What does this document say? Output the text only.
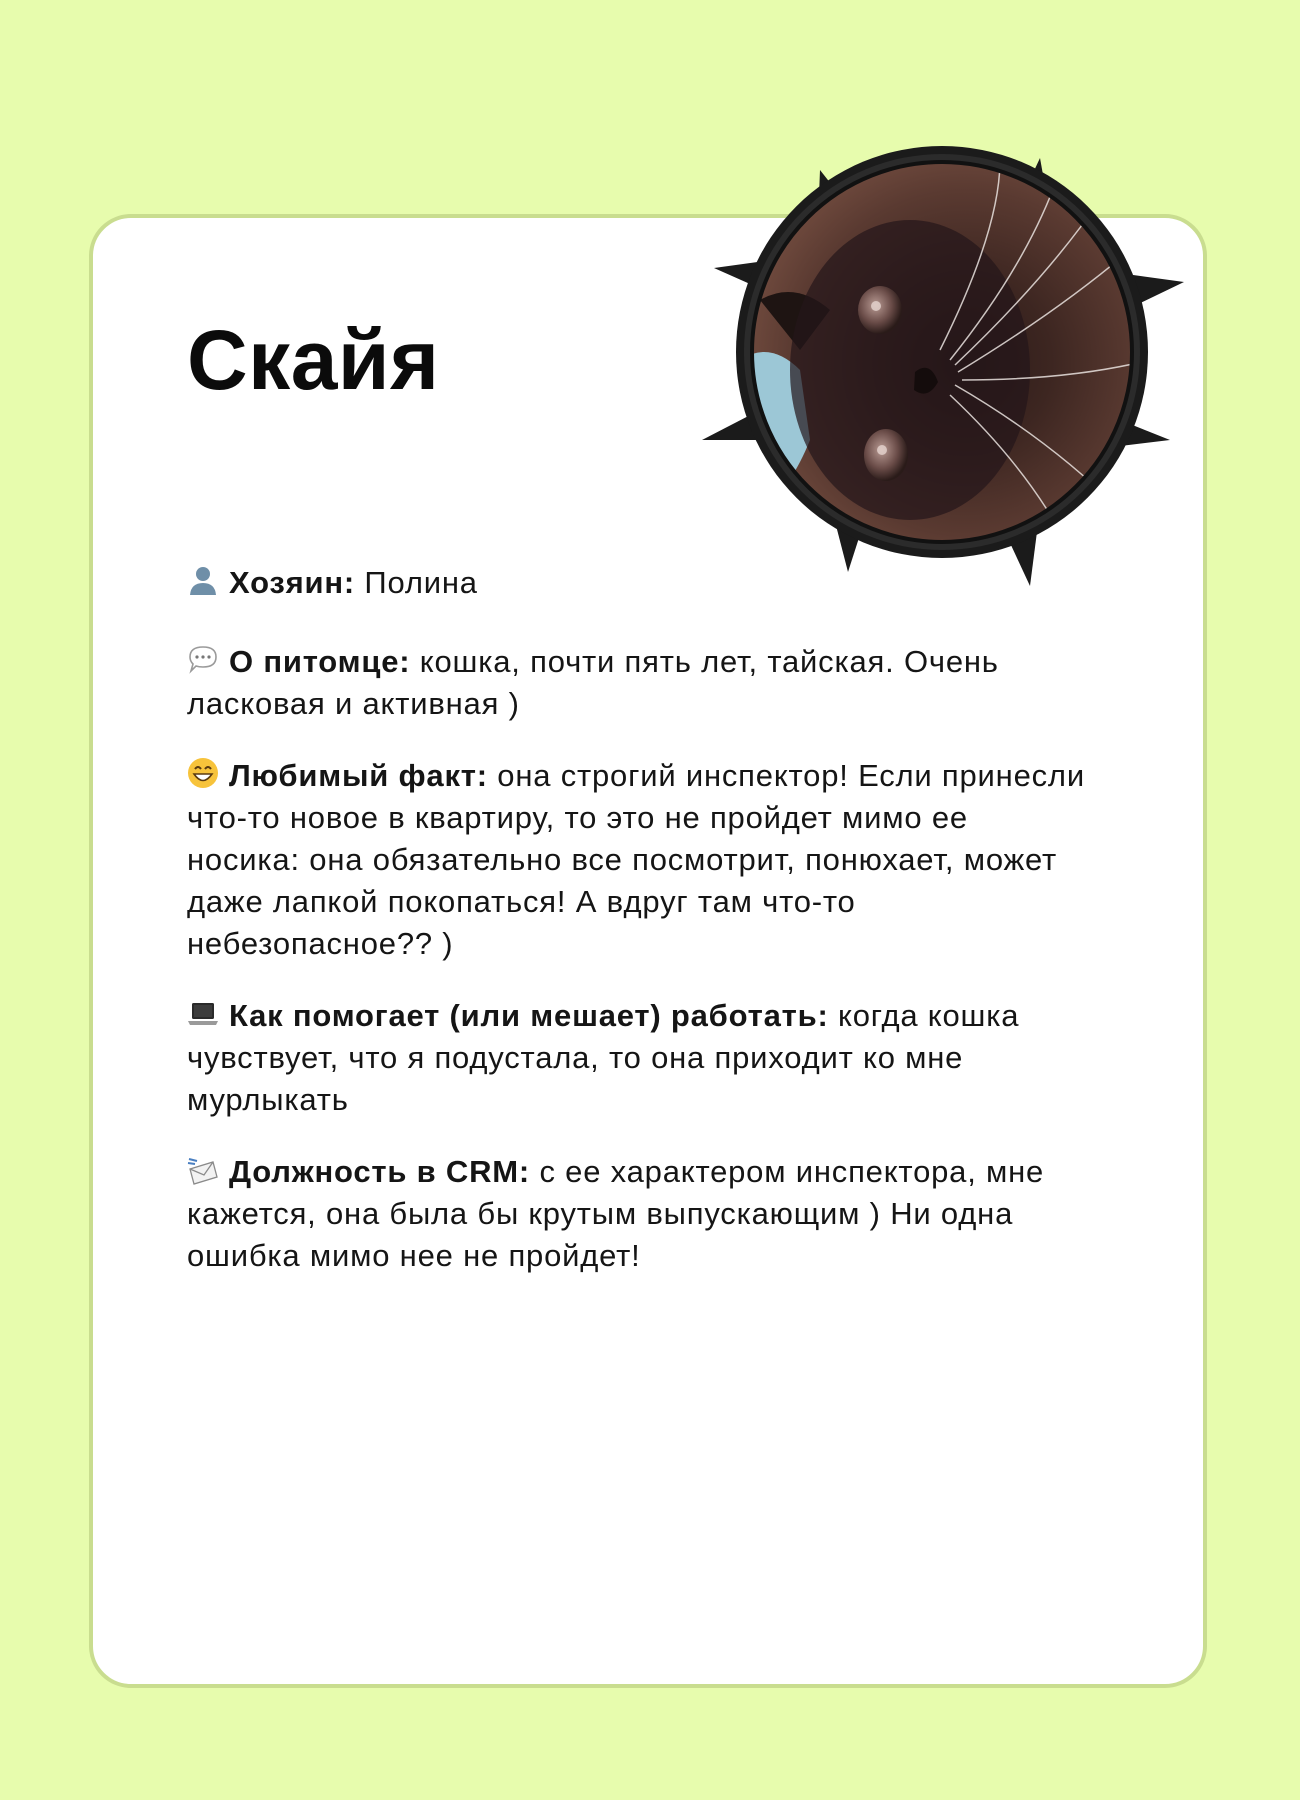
Скайя

Хозяин: Полина

О питомце: кошка, почти пять лет, тайская. Очень ласковая и активная )

Любимый факт: она строгий инспектор! Если принесли что-то новое в квартиру, то это не пройдет мимо ее носика: она обязательно все посмотрит, понюхает, может даже лапкой покопаться! А вдруг там что-то небезопасное?? )

Как помогает (или мешает) работать: когда кошка чувствует, что я подустала, то она приходит ко мне мурлыкать

Должность в CRM: с ее характером инспектора, мне кажется, она была бы крутым выпускающим ) Ни одна ошибка мимо нее не пройдет!
